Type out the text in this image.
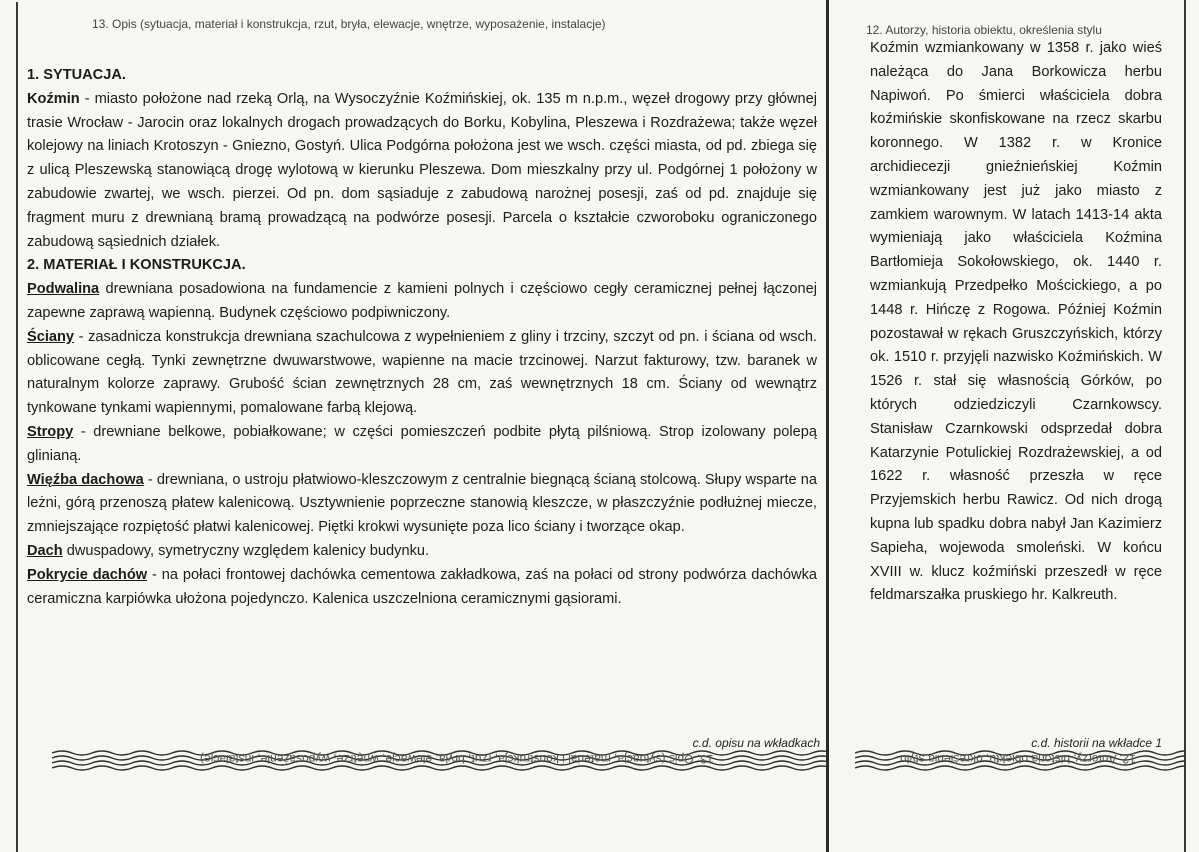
13. Opis (sytuacja, materiał i konstrukcja, rzut, bryła, elewacje, wnętrze, wyposażenie, instalacje)	12. Autorzy, historia obiektu, określenia stylu

1. SYTUACJA.

Koźmin - miasto położone nad rzeką Orlą, na Wysoczyźnie Koźmińskiej, ok. 135 m n.p.m., węzeł drogowy przy głównej trasie Wrocław - Jarocin oraz lokalnych drogach prowadzących do Borku, Kobylina, Pleszewa i Rozdrażewa; także węzeł kolejowy na liniach Krotoszyn - Gniezno, Gostyń. Ulica Podgórna położona jest we wsch. części miasta, od pd. zbiega się z ulicą Pleszewską stanowiącą drogę wylotową w kierunku Pleszewa. Dom mieszkalny przy ul. Podgórnej 1 położony w zabudowie zwartej, we wsch. pierzei. Od pn. dom sąsiaduje z zabudową narożnej posesji, zaś od pd. znajduje się fragment muru z drewnianą bramą prowadzącą na podwórze posesji. Parcela o kształcie czworoboku ograniczonego zabudową sąsiednich działek.

2. MATERIAŁ I KONSTRUKCJA.

Podwalina drewniana posadowiona na fundamencie z kamieni polnych i częściowo cegły ceramicznej pełnej łączonej zapewne zaprawą wapienną. Budynek częściowo podpiwniczony.

Ściany - zasadnicza konstrukcja drewniana szachulcowa z wypełnieniem z gliny i trzciny, szczyt od pn. i ściana od wsch. oblicowane cegłą. Tynki zewnętrzne dwuwarstwowe, wapienne na macie trzcinowej. Narzut fakturowy, tzw. baranek w naturalnym kolorze zaprawy. Grubość ścian zewnętrznych 28 cm, zaś wewnętrznych 18 cm. Ściany od wewnątrz tynkowane tynkami wapiennymi, pomalowane farbą klejową.

Stropy - drewniane belkowe, pobiałkowane; w części pomieszczeń podbite płytą pilśniową. Strop izolowany polepą glinianą.

Więźba dachowa - drewniana, o ustroju płatwiowo-kleszczowym z centralnie biegnącą ścianą stolcową. Słupy wsparte na leżni, górą przenoszą płatew kalenicową. Usztywnienie poprzeczne stanowią kleszcze, w płaszczyźnie podłużnej miecze, zmniejszające rozpiętość płatwi kalenicowej. Piętki krokwi wysunięte poza lico ściany i tworzące okap.

Dach dwuspadowy, symetryczny względem kalenicy budynku.

Pokrycie dachów - na połaci frontowej dachówka cementowa zakładkowa, zaś na połaci od strony podwórza dachówka ceramiczna karpiówka ułożona pojedynczo. Kalenica uszczelniona ceramicznymi gąsiorami.

Koźmin wzmiankowany w 1358 r. jako wieś należąca do Jana Borkowicza herbu Napiwoń. Po śmierci właściciela dobra koźmińskie skonfiskowane na rzecz skarbu koronnego. W 1382 r. w Kronice archidiecezji gnieźnieńskiej Koźmin wzmiankowany jest już jako miasto z zamkiem warownym. W latach 1413-14 akta wymieniają jako właściciela Koźmina Bartłomieja Sokołowskiego, ok. 1440 r. wzmiankują Przedpełko Mościckiego, a po 1448 r. Hińczę z Rogowa. Później Koźmin pozostawał w rękach Gruszczyńskich, którzy ok. 1510 r. przyjęli nazwisko Koźmińskich. W 1526 r. stał się własnością Górków, po których odziedziczyli Czarnkowscy. Stanisław Czarnkowski odsprzedał dobra Katarzynie Potulickiej Rozdrażewskiej, a od 1622 r. własność przeszła w ręce Przyjemskich herbu Rawicz. Od nich drogą kupna lub spadku dobra nabył Jan Kazimierz Sapieha, wojewoda smoleński. W końcu XVIII w. klucz koźmiński przeszedł w ręce feldmarszałka pruskiego hr. Kalkreuth.

c.d. opisu na wkładkach	c.d. historii na wkładce 1
13. Opis (sytuacja, materiał i konstrukcja, rzut, bryła, elewacje, wnętrze, wyposażenie, instalacje)	12. Autorzy, historia obiektu, określenia stylu
